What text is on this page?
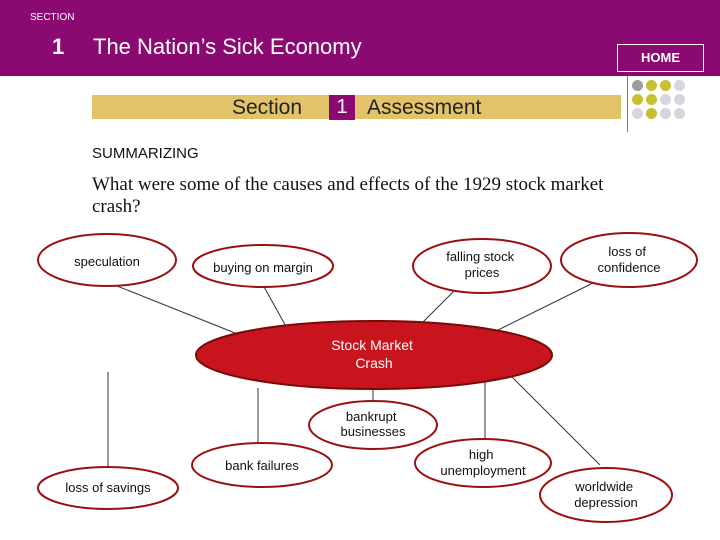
SECTION
1 The Nation’s Sick Economy	HOME
Section	1 Assessment
SUMMARIZING
What were some of the causes and effects of the 1929 stock market crash?
speculation	buying on margin
falling stock prices
loss of confidence
Stock Market Crash
bankrupt businesses
bank failures
high unemployment
loss of savings	worldwide depression
